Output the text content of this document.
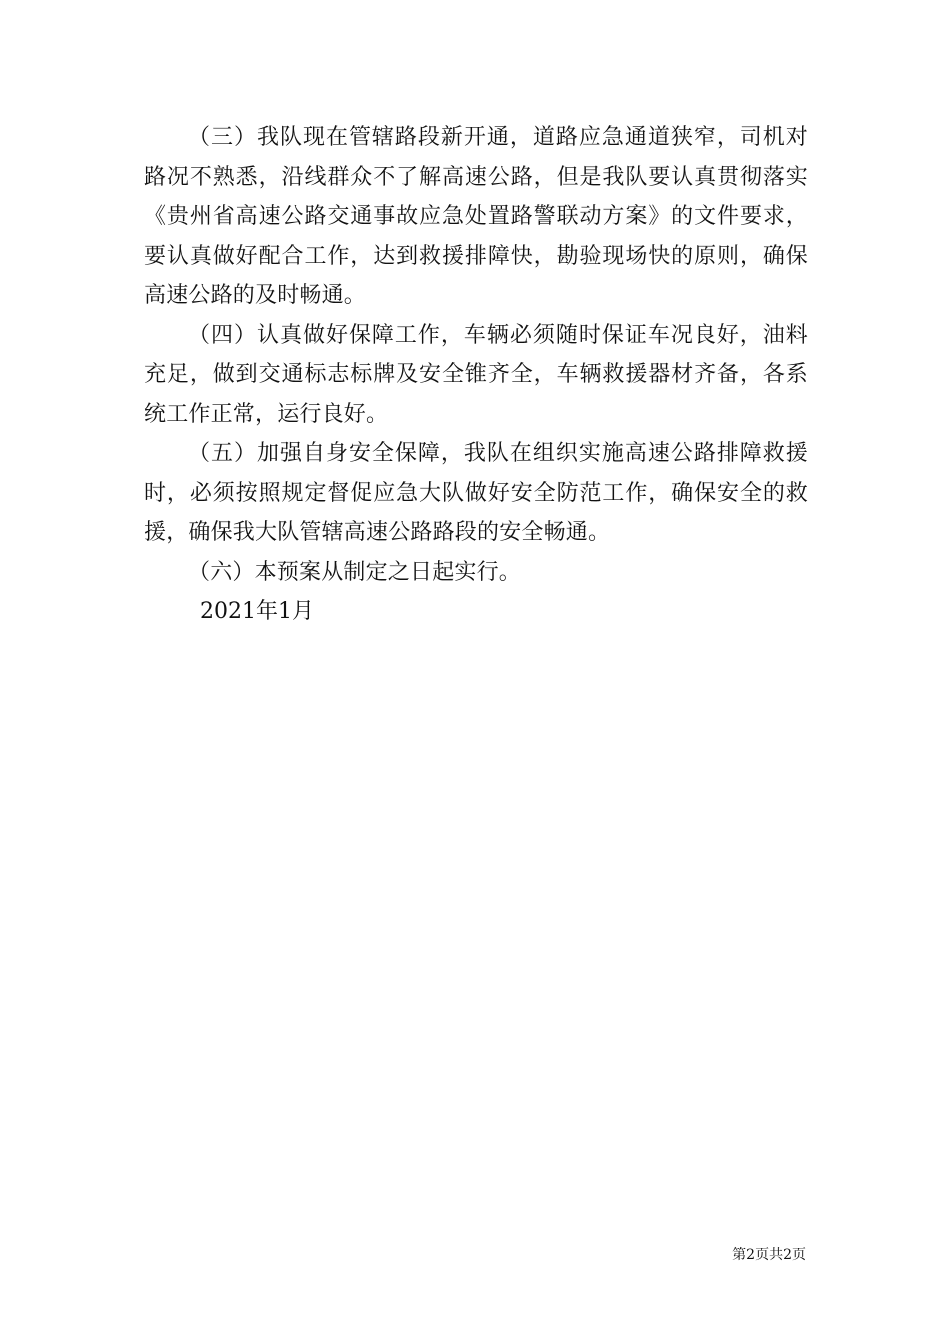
（三）我队现在管辖路段新开通，道路应急通道狭窄，司机对路况不熟悉，沿线群众不了解高速公路，但是我队要认真贯彻落实《贵州省高速公路交通事故应急处置路警联动方案》的文件要求，要认真做好配合工作，达到救援排障快，勘验现场快的原则，确保高速公路的及时畅通。

（四）认真做好保障工作，车辆必须随时保证车况良好，油料充足，做到交通标志标牌及安全锥齐全，车辆救援器材齐备，各系统工作正常，运行良好。

（五）加强自身安全保障，我队在组织实施高速公路排障救援时，必须按照规定督促应急大队做好安全防范工作，确保安全的救援，确保我大队管辖高速公路路段的安全畅通。

（六）本预案从制定之日起实行。

2021年1月

第2页共2页
